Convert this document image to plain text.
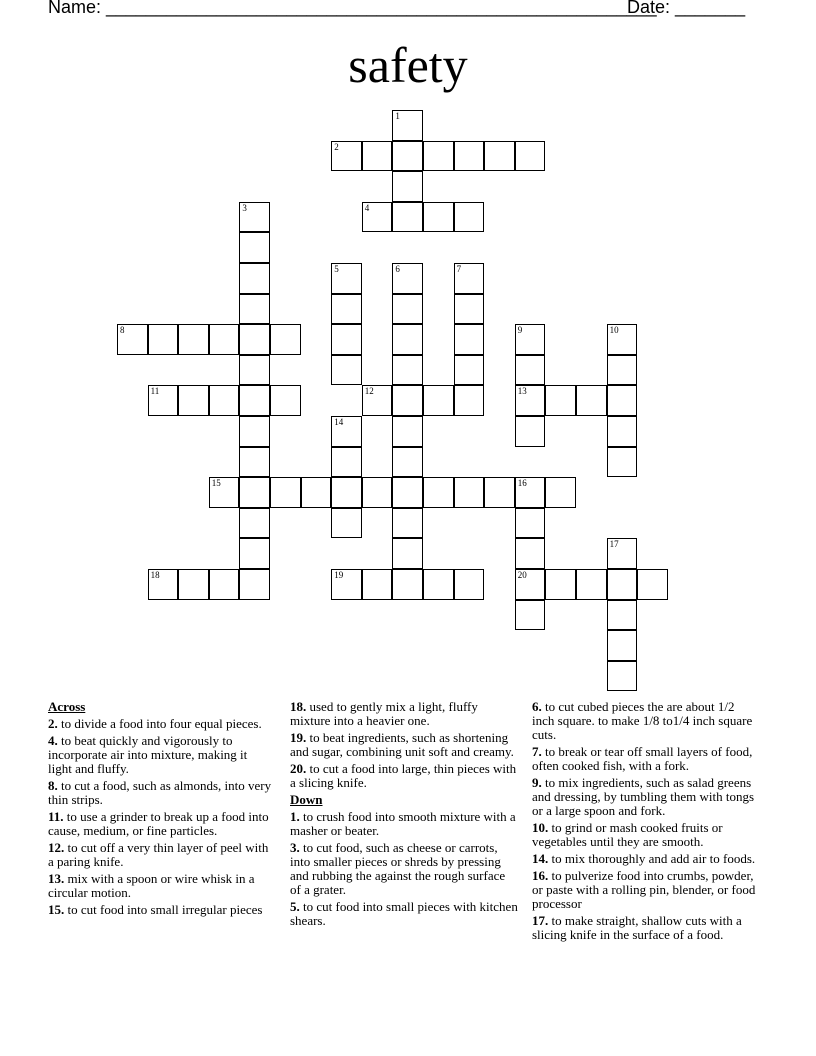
Name: _______________________________________________________
Date: _______
safety
1
2
3	4
5	6	7
8	9	10
11	12	13
14
15	16
17
18	19	20
Across
2. to divide a food into four equal pieces.
4. to beat quickly and vigorously to incorporate air into mixture, making it light and fluffy.
8. to cut a food, such as almonds, into very thin strips.
11. to use a grinder to break up a food into cause, medium, or fine particles.
12. to cut off a very thin layer of peel with a paring knife.
13. mix with a spoon or wire whisk in a circular motion.
15. to cut food into small irregular pieces
18. used to gently mix a light, fluffy mixture into a heavier one.
19. to beat ingredients, such as shortening and sugar, combining unit soft and creamy.
20. to cut a food into large, thin pieces with a slicing knife.
Down
1. to crush food into smooth mixture with a masher or beater.
3. to cut food, such as cheese or carrots, into smaller pieces or shreds by pressing and rubbing the against the rough surface of a grater.
5. to cut food into small pieces with kitchen shears.
6. to cut cubed pieces the are about 1/2 inch square. to make 1/8 to1/4 inch square cuts.
7. to break or tear off small layers of food, often cooked fish, with a fork.
9. to mix ingredients, such as salad greens and dressing, by tumbling them with tongs or a large spoon and fork.
10. to grind or mash cooked fruits or vegetables until they are smooth.
14. to mix thoroughly and add air to foods.
16. to pulverize food into crumbs, powder, or paste with a rolling pin, blender, or food processor
17. to make straight, shallow cuts with a slicing knife in the surface of a food.
